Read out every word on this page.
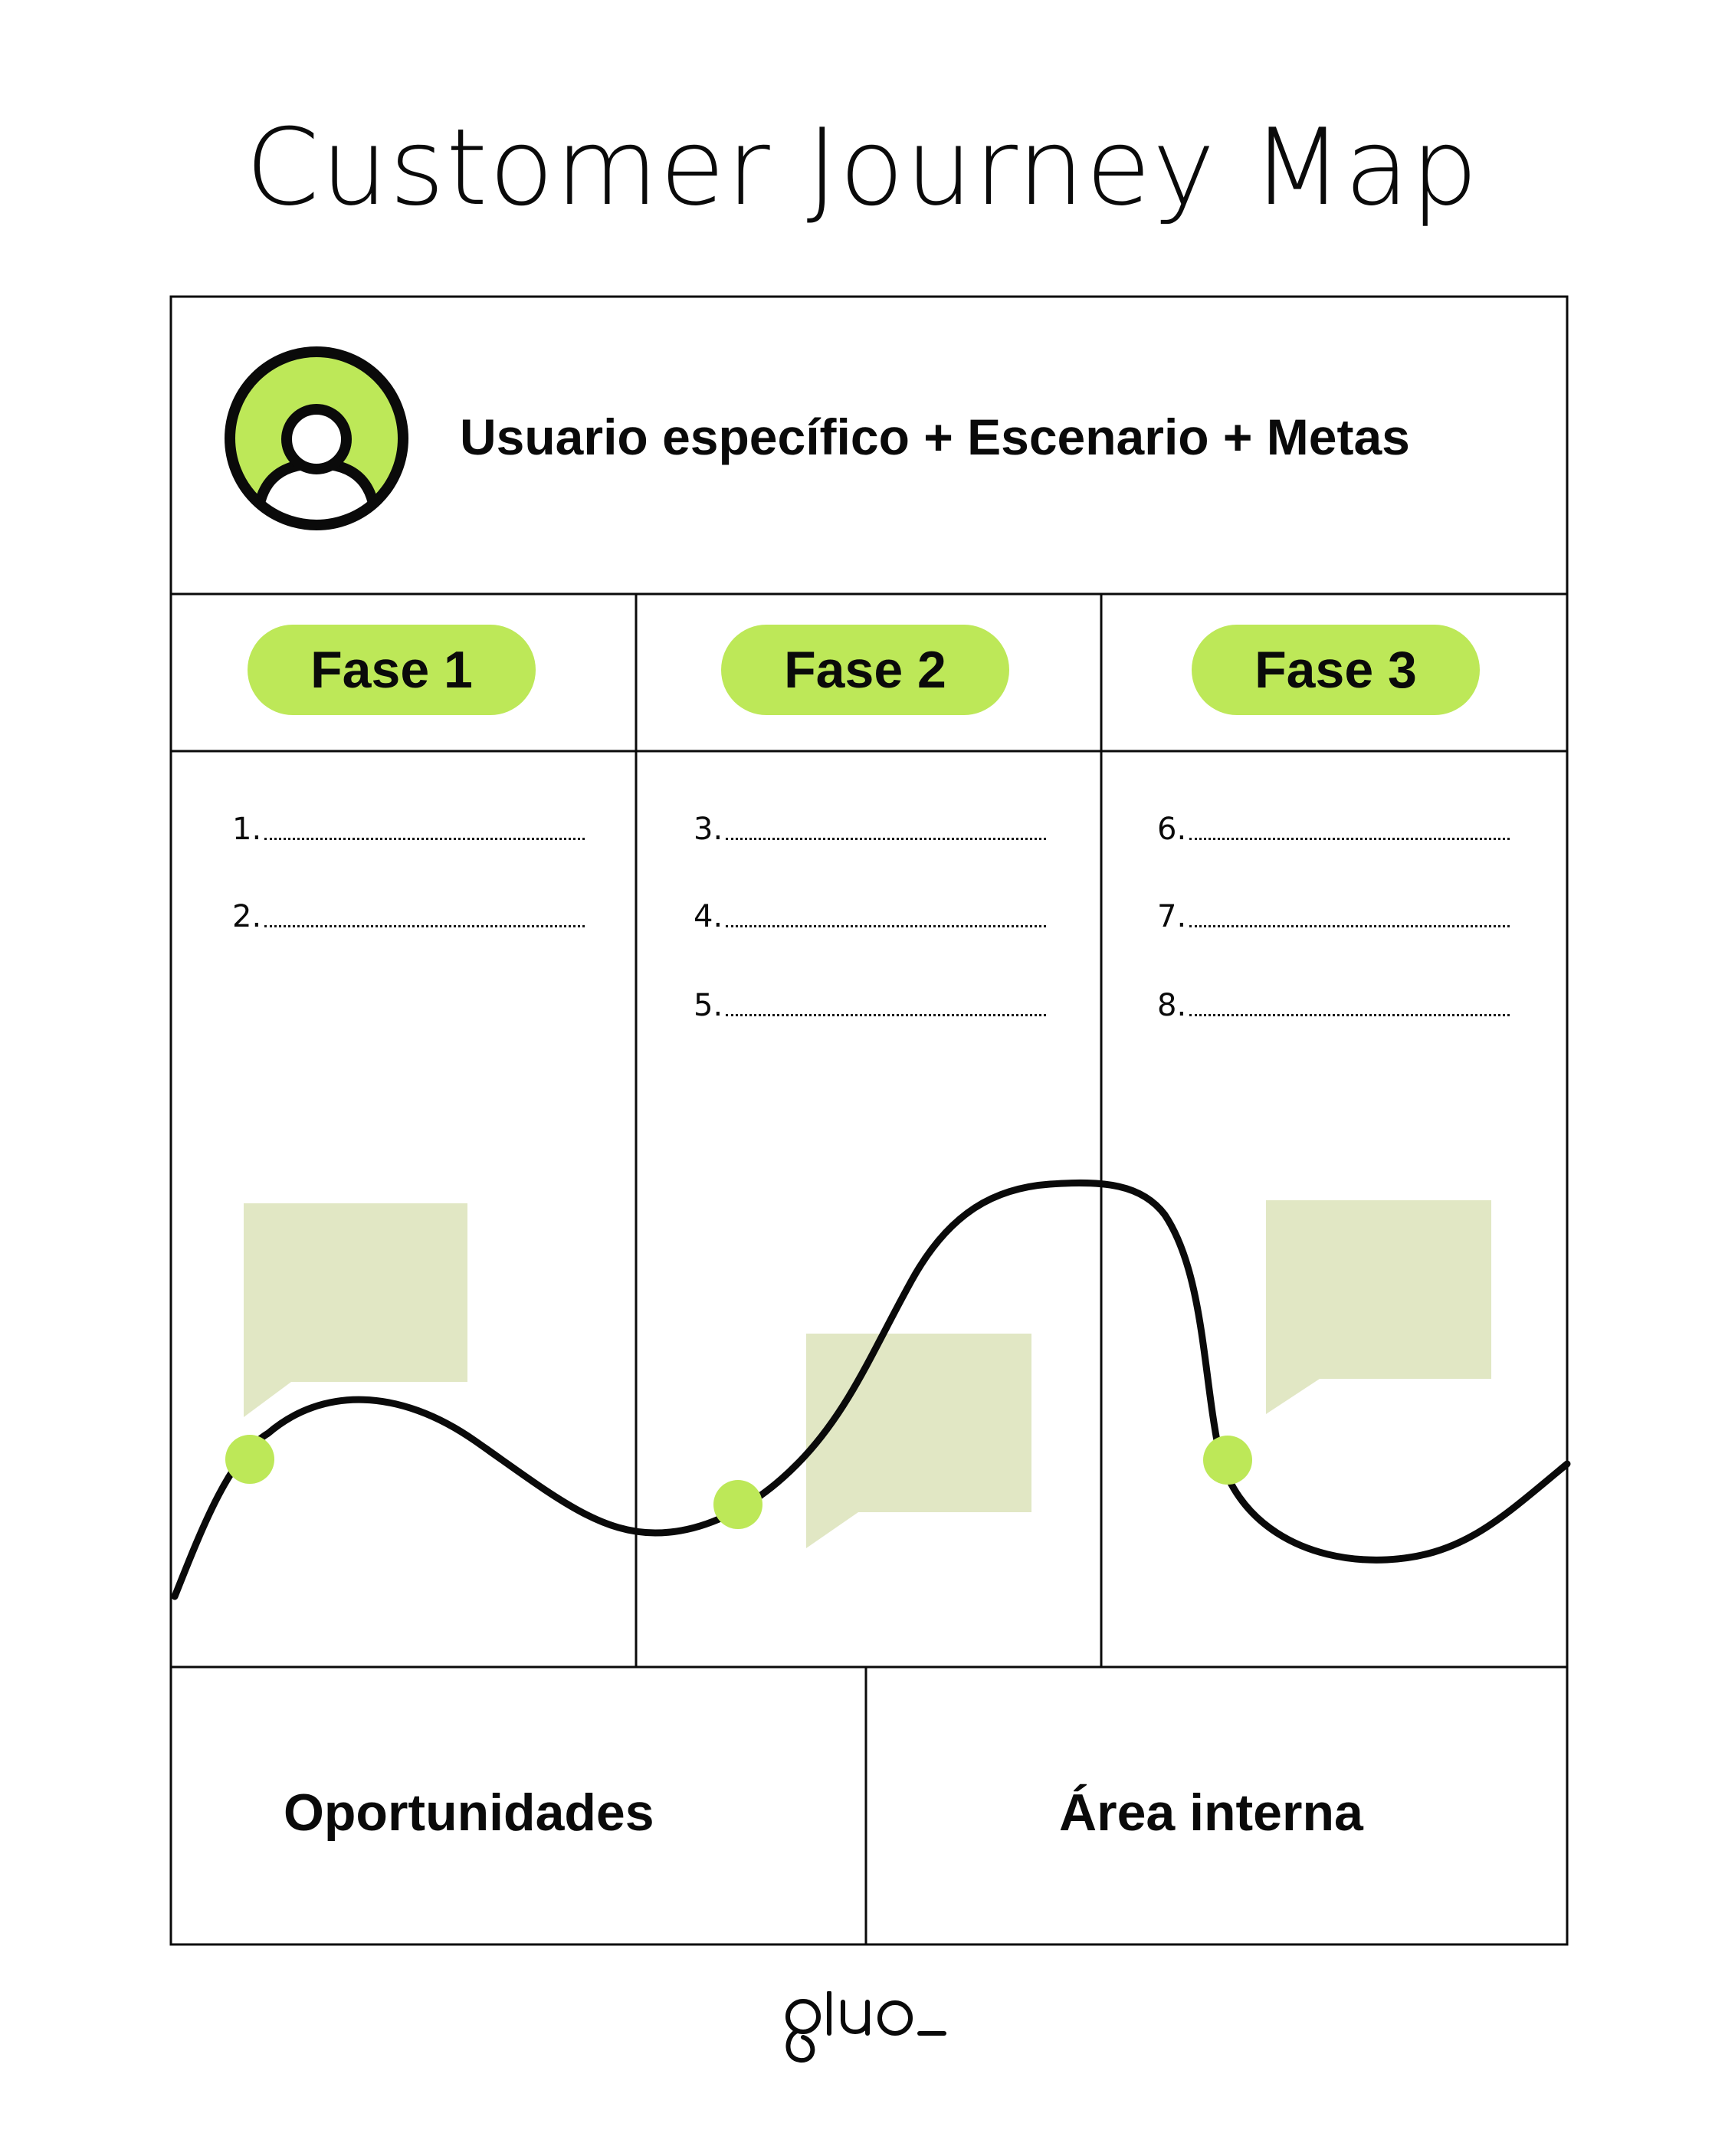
Customer Journey Map
Usuario específico + Escenario + Metas
Fase 1	Fase 2	Fase 3
1.
2.
3.
4.
5.
6.
7.
8.
Oportunidades	Área interna
